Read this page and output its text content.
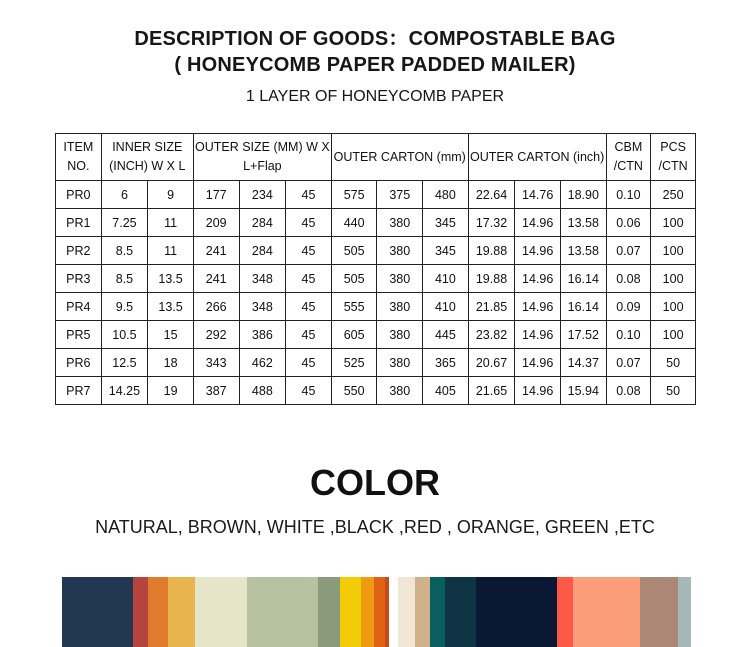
DESCRIPTION OF GOODS：COMPOSTABLE BAG
( HONEYCOMB PAPER PADDED MAILER)
1 LAYER OF HONEYCOMB PAPER
ITEM NO.	INNER SIZE (INCH) W X L		OUTER SIZE (MM) W X L+Flap			OUTER CARTON (mm)			OUTER CARTON (inch)			CBM /CTN	PCS /CTN
PR0	6	9	177	234	45	575	375	480	22.64	14.76	18.90	0.10	250
PR1	7.25	11	209	284	45	440	380	345	17.32	14.96	13.58	0.06	100
PR2	8.5	11	241	284	45	505	380	345	19.88	14.96	13.58	0.07	100
PR3	8.5	13.5	241	348	45	505	380	410	19.88	14.96	16.14	0.08	100
PR4	9.5	13.5	266	348	45	555	380	410	21.85	14.96	16.14	0.09	100
PR5	10.5	15	292	386	45	605	380	445	23.82	14.96	17.52	0.10	100
PR6	12.5	18	343	462	45	525	380	365	20.67	14.96	14.37	0.07	50
PR7	14.25	19	387	488	45	550	380	405	21.65	14.96	15.94	0.08	50
COLOR
NATURAL, BROWN, WHITE ,BLACK ,RED , ORANGE, GREEN ,ETC
